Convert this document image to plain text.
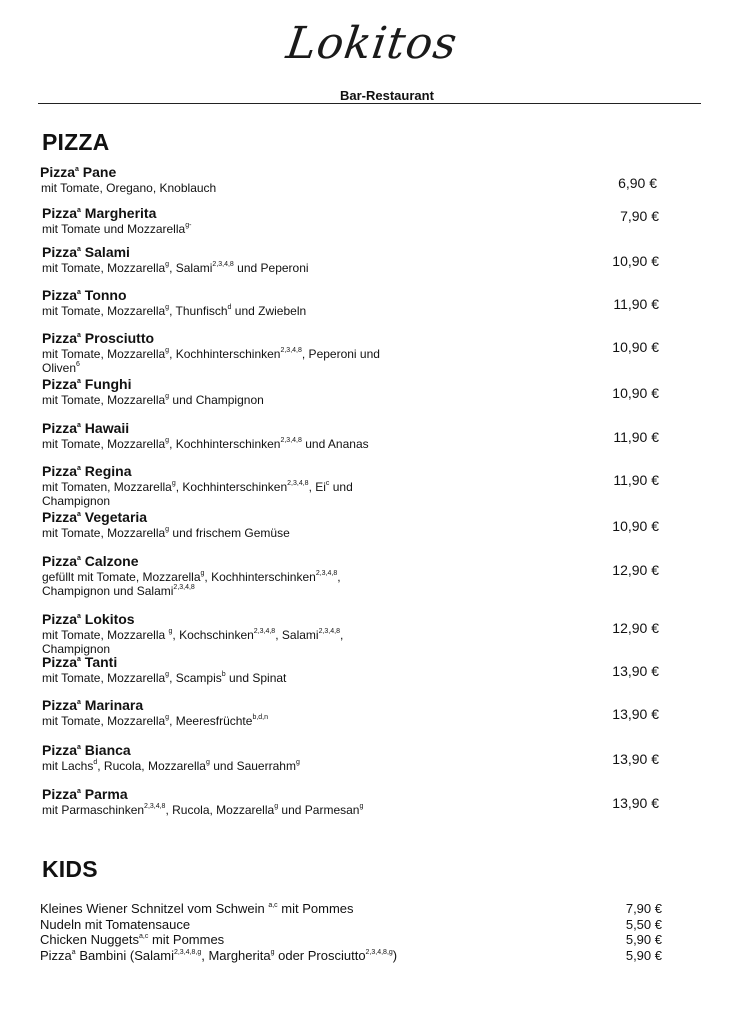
Lokitos
Bar-Restaurant
PIZZA
Pizza$^a$ Pane
mit Tomate, Oregano, Knoblauch	6,90 €
Pizza$^a$ Margherita
mit Tomate und Mozzarella$^{g-}$
7,90 €
Pizza$^a$ Salami
mit Tomate, Mozzarella$^g$, Salami$^{2,3,4,8}$ und Peperoni	10,90 €
Pizza$^a$ Tonno
mit Tomate, Mozzarella$^g$, Thunfisch$^d$ und Zwiebeln	11,90 €
Pizza$^a$ Prosciutto
mit Tomate, Mozzarella$^g$, Kochhinterschinken$^{2,3,4,8}$, Peperoni und Oliven$^6$
10,90 €
Pizza$^a$ Funghi
mit Tomate, Mozzarella$^g$ und Champignon	10,90 €
Pizza$^a$ Hawaii
mit Tomate, Mozzarella$^g$, Kochhinterschinken$^{2,3,4,8}$ und Ananas	11,90 €
Pizza$^a$ Regina
mit Tomaten, Mozzarella$^g$, Kochhinterschinken$^{2,3,4,8}$, Ei$^c$ und Champignon
11,90 €
Pizza$^a$ Vegetaria
mit Tomate, Mozzarella$^g$ und frischem Gemüse	10,90 €
Pizza$^a$ Calzone
gefüllt mit Tomate, Mozzarella$^g$, Kochhinterschinken$^{2,3,4,8}$, Champignon und Salami$^{2,3,4,8}$
12,90 €
Pizza$^a$ Lokitos
mit Tomate, Mozzarella $^g$, Kochschinken$^{2,3,4,8}$, Salami$^{2,3,4,8}$, Champignon
12,90 €
Pizza$^a$ Tanti
mit Tomate, Mozzarella$^g$, Scampis$^b$ und Spinat	13,90 €
Pizza$^a$ Marinara
mit Tomate, Mozzarella$^g$, Meeresfrüchte$^{b,d,n}$	13,90 €
Pizza$^a$ Bianca
mit Lachs$^d$, Rucola, Mozzarella$^g$ und Sauerrahm$^g$	13,90 €
Pizza$^a$ Parma
mit Parmaschinken$^{2,3,4,8}$, Rucola, Mozzarella$^g$ und Parmesan$^g$	13,90 €
KIDS
Kleines Wiener Schnitzel vom Schwein $^{a,c}$ mit Pommes	7,90 €
Nudeln mit Tomatensauce	5,50 €
Chicken Nuggets$^{a,c}$ mit Pommes	5,90 €
Pizza$^a$ Bambini (Salami$^{2,3,4,8,g}$, Margherita$^g$ oder Prosciutto$^{2,3,4,8,g}$)	5,90 €
